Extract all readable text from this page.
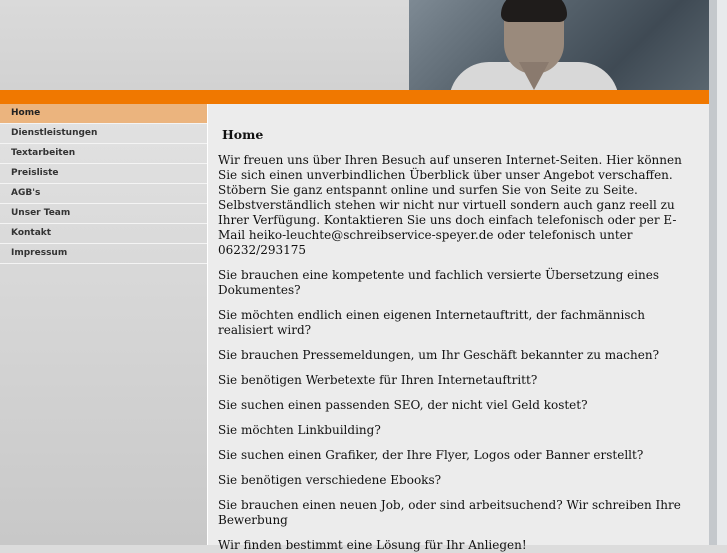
Home
Dienstleistungen
Textarbeiten
Preisliste
AGB's
Unser Team
Kontakt
Impressum
Home

Wir freuen uns über Ihren Besuch auf unseren Internet-Seiten. Hier können Sie sich einen unverbindlichen Überblick über unser Angebot verschaffen. Stöbern Sie ganz entspannt online und surfen Sie von Seite zu Seite. Selbstverständlich stehen wir nicht nur virtuell sondern auch ganz reell zu Ihrer Verfügung. Kontaktieren Sie uns doch einfach telefonisch oder per E-Mail heiko-leuchte@schreibservice-speyer.de oder telefonisch unter 06232/293175

Sie brauchen eine kompetente und fachlich versierte Übersetzung eines Dokumentes?

Sie möchten endlich einen eigenen Internetauftritt, der fachmännisch realisiert wird?

Sie brauchen Pressemeldungen, um Ihr Geschäft bekannter zu machen?

Sie benötigen Werbetexte für Ihren Internetauftritt?

Sie suchen einen passenden SEO, der nicht viel Geld kostet?

Sie möchten Linkbuilding?

Sie suchen einen Grafiker, der Ihre Flyer, Logos oder Banner erstellt?

Sie benötigen verschiedene Ebooks?

Sie brauchen einen neuen Job, oder sind arbeitsuchend? Wir schreiben Ihre Bewerbung

Wir finden bestimmt eine Lösung für Ihr Anliegen!
